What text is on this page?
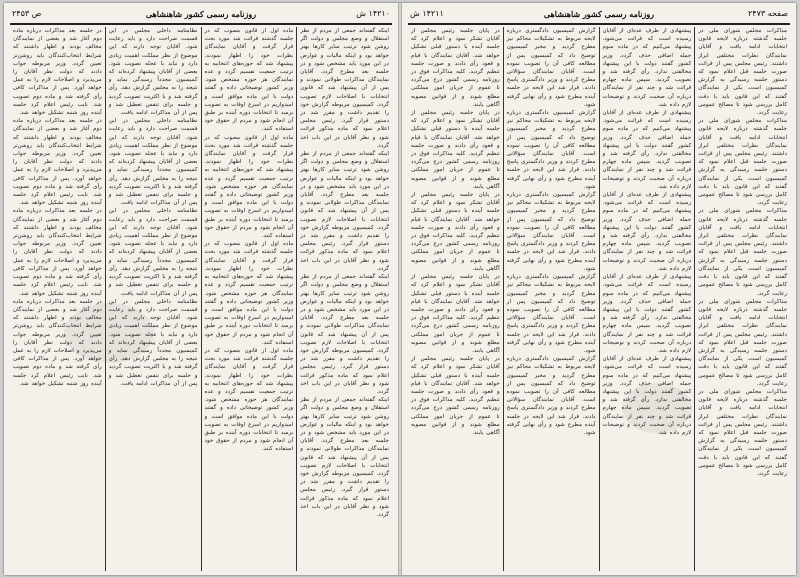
۲۴۵۳ ص	روزنامه رسمی کشور شاهنشاهی	۱۴۲۱۰ ش

اینکه گفته‌اند جمعی از مردم از نظر استقلال و وضع مجلس و دولت اگر روشن شود ترتیب سایر کارها بهتر خواهد بود و اینکه مالیات و عوارض در این مورد باید مشخص شود و در جلسه بعد مطرح گردد. آقایان نمایندگان مذاکرات طولانی نمودند و پس از آن پیشنهاد شد که قانون انتخابات با اصلاحات لازم تصویب گردد. کمیسیون مربوطه گزارش خود را تقدیم داشت و مقرر شد در دستور قرار گیرد. رئیس مجلس اعلام نمود که ماده مذکور قرائت شود و نظر آقایان در این باب اخذ گردد.

اینکه گفته‌اند جمعی از مردم از نظر استقلال و وضع مجلس و دولت اگر روشن شود ترتیب سایر کارها بهتر خواهد بود و اینکه مالیات و عوارض در این مورد باید مشخص شود و در جلسه بعد مطرح گردد. آقایان نمایندگان مذاکرات طولانی نمودند و پس از آن پیشنهاد شد که قانون انتخابات با اصلاحات لازم تصویب گردد. کمیسیون مربوطه گزارش خود را تقدیم داشت و مقرر شد در دستور قرار گیرد. رئیس مجلس اعلام نمود که ماده مذکور قرائت شود و نظر آقایان در این باب اخذ گردد.

اینکه گفته‌اند جمعی از مردم از نظر استقلال و وضع مجلس و دولت اگر روشن شود ترتیب سایر کارها بهتر خواهد بود و اینکه مالیات و عوارض در این مورد باید مشخص شود و در جلسه بعد مطرح گردد. آقایان نمایندگان مذاکرات طولانی نمودند و پس از آن پیشنهاد شد که قانون انتخابات با اصلاحات لازم تصویب گردد. کمیسیون مربوطه گزارش خود را تقدیم داشت و مقرر شد در دستور قرار گیرد. رئیس مجلس اعلام نمود که ماده مذکور قرائت شود و نظر آقایان در این باب اخذ گردد.

اینکه گفته‌اند جمعی از مردم از نظر استقلال و وضع مجلس و دولت اگر روشن شود ترتیب سایر کارها بهتر خواهد بود و اینکه مالیات و عوارض در این مورد باید مشخص شود و در جلسه بعد مطرح گردد. آقایان نمایندگان مذاکرات طولانی نمودند و پس از آن پیشنهاد شد که قانون انتخابات با اصلاحات لازم تصویب گردد. کمیسیون مربوطه گزارش خود را تقدیم داشت و مقرر شد در دستور قرار گیرد. رئیس مجلس اعلام نمود که ماده مذکور قرائت شود و نظر آقایان در این باب اخذ گردد.

ماده اول از قانون مصوب که در جلسه گذشته قرائت شد مورد بحث قرار گرفت و آقایان نمایندگان نظرات خود را اظهار نمودند. پیشنهاد شد که حوزه‌های انتخابیه به ترتیب جمعیت تقسیم گردد و عده نمایندگان هر حوزه مشخص شود. وزیر کشور توضیحاتی داده و گفتند دولت با این ماده موافق است و امیدواریم در اسرع اوقات به تصویب برسد تا انتخابات دوره آینده بر طبق آن انجام شود و مردم از حقوق خود استفاده کنند.

ماده اول از قانون مصوب که در جلسه گذشته قرائت شد مورد بحث قرار گرفت و آقایان نمایندگان نظرات خود را اظهار نمودند. پیشنهاد شد که حوزه‌های انتخابیه به ترتیب جمعیت تقسیم گردد و عده نمایندگان هر حوزه مشخص شود. وزیر کشور توضیحاتی داده و گفتند دولت با این ماده موافق است و امیدواریم در اسرع اوقات به تصویب برسد تا انتخابات دوره آینده بر طبق آن انجام شود و مردم از حقوق خود استفاده کنند.

ماده اول از قانون مصوب که در جلسه گذشته قرائت شد مورد بحث قرار گرفت و آقایان نمایندگان نظرات خود را اظهار نمودند. پیشنهاد شد که حوزه‌های انتخابیه به ترتیب جمعیت تقسیم گردد و عده نمایندگان هر حوزه مشخص شود. وزیر کشور توضیحاتی داده و گفتند دولت با این ماده موافق است و امیدواریم در اسرع اوقات به تصویب برسد تا انتخابات دوره آینده بر طبق آن انجام شود و مردم از حقوق خود استفاده کنند.

ماده اول از قانون مصوب که در جلسه گذشته قرائت شد مورد بحث قرار گرفت و آقایان نمایندگان نظرات خود را اظهار نمودند. پیشنهاد شد که حوزه‌های انتخابیه به ترتیب جمعیت تقسیم گردد و عده نمایندگان هر حوزه مشخص شود. وزیر کشور توضیحاتی داده و گفتند دولت با این ماده موافق است و امیدواریم در اسرع اوقات به تصویب برسد تا انتخابات دوره آینده بر طبق آن انجام شود و مردم از حقوق خود استفاده کنند.

نظامنامه داخلی مجلس در این قسمت صراحت دارد و باید رعایت شود. آقایان توجه دارند که این موضوع از نظر مملکت اهمیت زیادی دارد و نباید با عجله تصویب شود. بعضی از آقایان پیشنهاد کرده‌اند که کمیسیون مجدداً رسیدگی نماید و نتیجه را به مجلس گزارش دهد. رأی گرفته شد و با اکثریت تصویب گردید و جلسه برای تنفس تعطیل شد و پس از آن مذاکرات ادامه یافت.

نظامنامه داخلی مجلس در این قسمت صراحت دارد و باید رعایت شود. آقایان توجه دارند که این موضوع از نظر مملکت اهمیت زیادی دارد و نباید با عجله تصویب شود. بعضی از آقایان پیشنهاد کرده‌اند که کمیسیون مجدداً رسیدگی نماید و نتیجه را به مجلس گزارش دهد. رأی گرفته شد و با اکثریت تصویب گردید و جلسه برای تنفس تعطیل شد و پس از آن مذاکرات ادامه یافت.

نظامنامه داخلی مجلس در این قسمت صراحت دارد و باید رعایت شود. آقایان توجه دارند که این موضوع از نظر مملکت اهمیت زیادی دارد و نباید با عجله تصویب شود. بعضی از آقایان پیشنهاد کرده‌اند که کمیسیون مجدداً رسیدگی نماید و نتیجه را به مجلس گزارش دهد. رأی گرفته شد و با اکثریت تصویب گردید و جلسه برای تنفس تعطیل شد و پس از آن مذاکرات ادامه یافت.

نظامنامه داخلی مجلس در این قسمت صراحت دارد و باید رعایت شود. آقایان توجه دارند که این موضوع از نظر مملکت اهمیت زیادی دارد و نباید با عجله تصویب شود. بعضی از آقایان پیشنهاد کرده‌اند که کمیسیون مجدداً رسیدگی نماید و نتیجه را به مجلس گزارش دهد. رأی گرفته شد و با اکثریت تصویب گردید و جلسه برای تنفس تعطیل شد و پس از آن مذاکرات ادامه یافت.

در جلسه بعد مذاکرات درباره ماده دوم آغاز شد و بعضی از نمایندگان مخالف بودند و اظهار داشتند که شرایط انتخاب‌کنندگان باید روشن‌تر تعیین گردد. وزیر مربوطه جواب دادند که دولت نظر آقایان را می‌پذیرد و اصلاحات لازم را به عمل خواهد آورد. پس از مذاکرات کافی رأی گرفته شد و ماده دوم تصویب شد. نایب رئیس اعلام کرد جلسه آینده روز شنبه تشکیل خواهد شد.

در جلسه بعد مذاکرات درباره ماده دوم آغاز شد و بعضی از نمایندگان مخالف بودند و اظهار داشتند که شرایط انتخاب‌کنندگان باید روشن‌تر تعیین گردد. وزیر مربوطه جواب دادند که دولت نظر آقایان را می‌پذیرد و اصلاحات لازم را به عمل خواهد آورد. پس از مذاکرات کافی رأی گرفته شد و ماده دوم تصویب شد. نایب رئیس اعلام کرد جلسه آینده روز شنبه تشکیل خواهد شد.

در جلسه بعد مذاکرات درباره ماده دوم آغاز شد و بعضی از نمایندگان مخالف بودند و اظهار داشتند که شرایط انتخاب‌کنندگان باید روشن‌تر تعیین گردد. وزیر مربوطه جواب دادند که دولت نظر آقایان را می‌پذیرد و اصلاحات لازم را به عمل خواهد آورد. پس از مذاکرات کافی رأی گرفته شد و ماده دوم تصویب شد. نایب رئیس اعلام کرد جلسه آینده روز شنبه تشکیل خواهد شد.

در جلسه بعد مذاکرات درباره ماده دوم آغاز شد و بعضی از نمایندگان مخالف بودند و اظهار داشتند که شرایط انتخاب‌کنندگان باید روشن‌تر تعیین گردد. وزیر مربوطه جواب دادند که دولت نظر آقایان را می‌پذیرد و اصلاحات لازم را به عمل خواهد آورد. پس از مذاکرات کافی رأی گرفته شد و ماده دوم تصویب شد. نایب رئیس اعلام کرد جلسه آینده روز شنبه تشکیل خواهد شد.

۱۴۲۱۱ ش	روزنامه رسمی کشور شاهنشاهی	صفحه ۲۴۷۳

مذاکرات مجلس شورای ملی در جلسه گذشته درباره لایحه قانون انتخابات ادامه یافت و آقایان نمایندگان نظرات مختلفی ابراز داشتند. رئیس مجلس پس از قرائت صورت جلسه قبل اعلام نمود که دستور جلسه رسیدگی به گزارش کمیسیون است. یکی از نمایندگان گفتند که این قانون باید با دقت کامل بررسی شود تا مصالح عمومی رعایت گردد.

مذاکرات مجلس شورای ملی در جلسه گذشته درباره لایحه قانون انتخابات ادامه یافت و آقایان نمایندگان نظرات مختلفی ابراز داشتند. رئیس مجلس پس از قرائت صورت جلسه قبل اعلام نمود که دستور جلسه رسیدگی به گزارش کمیسیون است. یکی از نمایندگان گفتند که این قانون باید با دقت کامل بررسی شود تا مصالح عمومی رعایت گردد.

مذاکرات مجلس شورای ملی در جلسه گذشته درباره لایحه قانون انتخابات ادامه یافت و آقایان نمایندگان نظرات مختلفی ابراز داشتند. رئیس مجلس پس از قرائت صورت جلسه قبل اعلام نمود که دستور جلسه رسیدگی به گزارش کمیسیون است. یکی از نمایندگان گفتند که این قانون باید با دقت کامل بررسی شود تا مصالح عمومی رعایت گردد.

مذاکرات مجلس شورای ملی در جلسه گذشته درباره لایحه قانون انتخابات ادامه یافت و آقایان نمایندگان نظرات مختلفی ابراز داشتند. رئیس مجلس پس از قرائت صورت جلسه قبل اعلام نمود که دستور جلسه رسیدگی به گزارش کمیسیون است. یکی از نمایندگان گفتند که این قانون باید با دقت کامل بررسی شود تا مصالح عمومی رعایت گردد.

مذاکرات مجلس شورای ملی در جلسه گذشته درباره لایحه قانون انتخابات ادامه یافت و آقایان نمایندگان نظرات مختلفی ابراز داشتند. رئیس مجلس پس از قرائت صورت جلسه قبل اعلام نمود که دستور جلسه رسیدگی به گزارش کمیسیون است. یکی از نمایندگان گفتند که این قانون باید با دقت کامل بررسی شود تا مصالح عمومی رعایت گردد.

پیشنهادی از طرف عده‌ای از آقایان رسیده است که قرائت می‌شود. پیشنهاد می‌کنیم که در ماده سوم جمله اضافی حذف گردد. وزیر کشور گفتند دولت با این پیشنهاد مخالفتی ندارد. رأی گرفته شد و تصویب گردید. سپس ماده چهارم قرائت شد و چند نفر از نمایندگان درباره آن صحبت کردند و توضیحات لازم داده شد.

پیشنهادی از طرف عده‌ای از آقایان رسیده است که قرائت می‌شود. پیشنهاد می‌کنیم که در ماده سوم جمله اضافی حذف گردد. وزیر کشور گفتند دولت با این پیشنهاد مخالفتی ندارد. رأی گرفته شد و تصویب گردید. سپس ماده چهارم قرائت شد و چند نفر از نمایندگان درباره آن صحبت کردند و توضیحات لازم داده شد.

پیشنهادی از طرف عده‌ای از آقایان رسیده است که قرائت می‌شود. پیشنهاد می‌کنیم که در ماده سوم جمله اضافی حذف گردد. وزیر کشور گفتند دولت با این پیشنهاد مخالفتی ندارد. رأی گرفته شد و تصویب گردید. سپس ماده چهارم قرائت شد و چند نفر از نمایندگان درباره آن صحبت کردند و توضیحات لازم داده شد.

پیشنهادی از طرف عده‌ای از آقایان رسیده است که قرائت می‌شود. پیشنهاد می‌کنیم که در ماده سوم جمله اضافی حذف گردد. وزیر کشور گفتند دولت با این پیشنهاد مخالفتی ندارد. رأی گرفته شد و تصویب گردید. سپس ماده چهارم قرائت شد و چند نفر از نمایندگان درباره آن صحبت کردند و توضیحات لازم داده شد.

پیشنهادی از طرف عده‌ای از آقایان رسیده است که قرائت می‌شود. پیشنهاد می‌کنیم که در ماده سوم جمله اضافی حذف گردد. وزیر کشور گفتند دولت با این پیشنهاد مخالفتی ندارد. رأی گرفته شد و تصویب گردید. سپس ماده چهارم قرائت شد و چند نفر از نمایندگان درباره آن صحبت کردند و توضیحات لازم داده شد.

گزارش کمیسیون دادگستری درباره لایحه مربوط به تشکیلات محاکم نیز مطرح گردید و مخبر کمیسیون توضیح داد که کمیسیون پس از مطالعه کافی آن را تصویب نموده است. آقایان نمایندگان سؤالاتی مطرح کردند و وزیر دادگستری پاسخ دادند. قرار شد این لایحه در جلسه آینده مطرح شود و رأی نهایی گرفته شود.

گزارش کمیسیون دادگستری درباره لایحه مربوط به تشکیلات محاکم نیز مطرح گردید و مخبر کمیسیون توضیح داد که کمیسیون پس از مطالعه کافی آن را تصویب نموده است. آقایان نمایندگان سؤالاتی مطرح کردند و وزیر دادگستری پاسخ دادند. قرار شد این لایحه در جلسه آینده مطرح شود و رأی نهایی گرفته شود.

گزارش کمیسیون دادگستری درباره لایحه مربوط به تشکیلات محاکم نیز مطرح گردید و مخبر کمیسیون توضیح داد که کمیسیون پس از مطالعه کافی آن را تصویب نموده است. آقایان نمایندگان سؤالاتی مطرح کردند و وزیر دادگستری پاسخ دادند. قرار شد این لایحه در جلسه آینده مطرح شود و رأی نهایی گرفته شود.

گزارش کمیسیون دادگستری درباره لایحه مربوط به تشکیلات محاکم نیز مطرح گردید و مخبر کمیسیون توضیح داد که کمیسیون پس از مطالعه کافی آن را تصویب نموده است. آقایان نمایندگان سؤالاتی مطرح کردند و وزیر دادگستری پاسخ دادند. قرار شد این لایحه در جلسه آینده مطرح شود و رأی نهایی گرفته شود.

گزارش کمیسیون دادگستری درباره لایحه مربوط به تشکیلات محاکم نیز مطرح گردید و مخبر کمیسیون توضیح داد که کمیسیون پس از مطالعه کافی آن را تصویب نموده است. آقایان نمایندگان سؤالاتی مطرح کردند و وزیر دادگستری پاسخ دادند. قرار شد این لایحه در جلسه آینده مطرح شود و رأی نهایی گرفته شود.

در پایان جلسه رئیس مجلس از آقایان تشکر نمود و اعلام کرد که جلسه آینده با دستور قبلی تشکیل خواهد شد. آقایان نمایندگان با قیام و قعود رأی دادند و صورت جلسه تنظیم گردید. کلیه مذاکرات فوق در روزنامه رسمی کشور درج می‌گردد تا عموم از جریان امور مملکتی مطلع شوند و از قوانین مصوبه آگاهی یابند.

در پایان جلسه رئیس مجلس از آقایان تشکر نمود و اعلام کرد که جلسه آینده با دستور قبلی تشکیل خواهد شد. آقایان نمایندگان با قیام و قعود رأی دادند و صورت جلسه تنظیم گردید. کلیه مذاکرات فوق در روزنامه رسمی کشور درج می‌گردد تا عموم از جریان امور مملکتی مطلع شوند و از قوانین مصوبه آگاهی یابند.

در پایان جلسه رئیس مجلس از آقایان تشکر نمود و اعلام کرد که جلسه آینده با دستور قبلی تشکیل خواهد شد. آقایان نمایندگان با قیام و قعود رأی دادند و صورت جلسه تنظیم گردید. کلیه مذاکرات فوق در روزنامه رسمی کشور درج می‌گردد تا عموم از جریان امور مملکتی مطلع شوند و از قوانین مصوبه آگاهی یابند.

در پایان جلسه رئیس مجلس از آقایان تشکر نمود و اعلام کرد که جلسه آینده با دستور قبلی تشکیل خواهد شد. آقایان نمایندگان با قیام و قعود رأی دادند و صورت جلسه تنظیم گردید. کلیه مذاکرات فوق در روزنامه رسمی کشور درج می‌گردد تا عموم از جریان امور مملکتی مطلع شوند و از قوانین مصوبه آگاهی یابند.

در پایان جلسه رئیس مجلس از آقایان تشکر نمود و اعلام کرد که جلسه آینده با دستور قبلی تشکیل خواهد شد. آقایان نمایندگان با قیام و قعود رأی دادند و صورت جلسه تنظیم گردید. کلیه مذاکرات فوق در روزنامه رسمی کشور درج می‌گردد تا عموم از جریان امور مملکتی مطلع شوند و از قوانین مصوبه آگاهی یابند.
